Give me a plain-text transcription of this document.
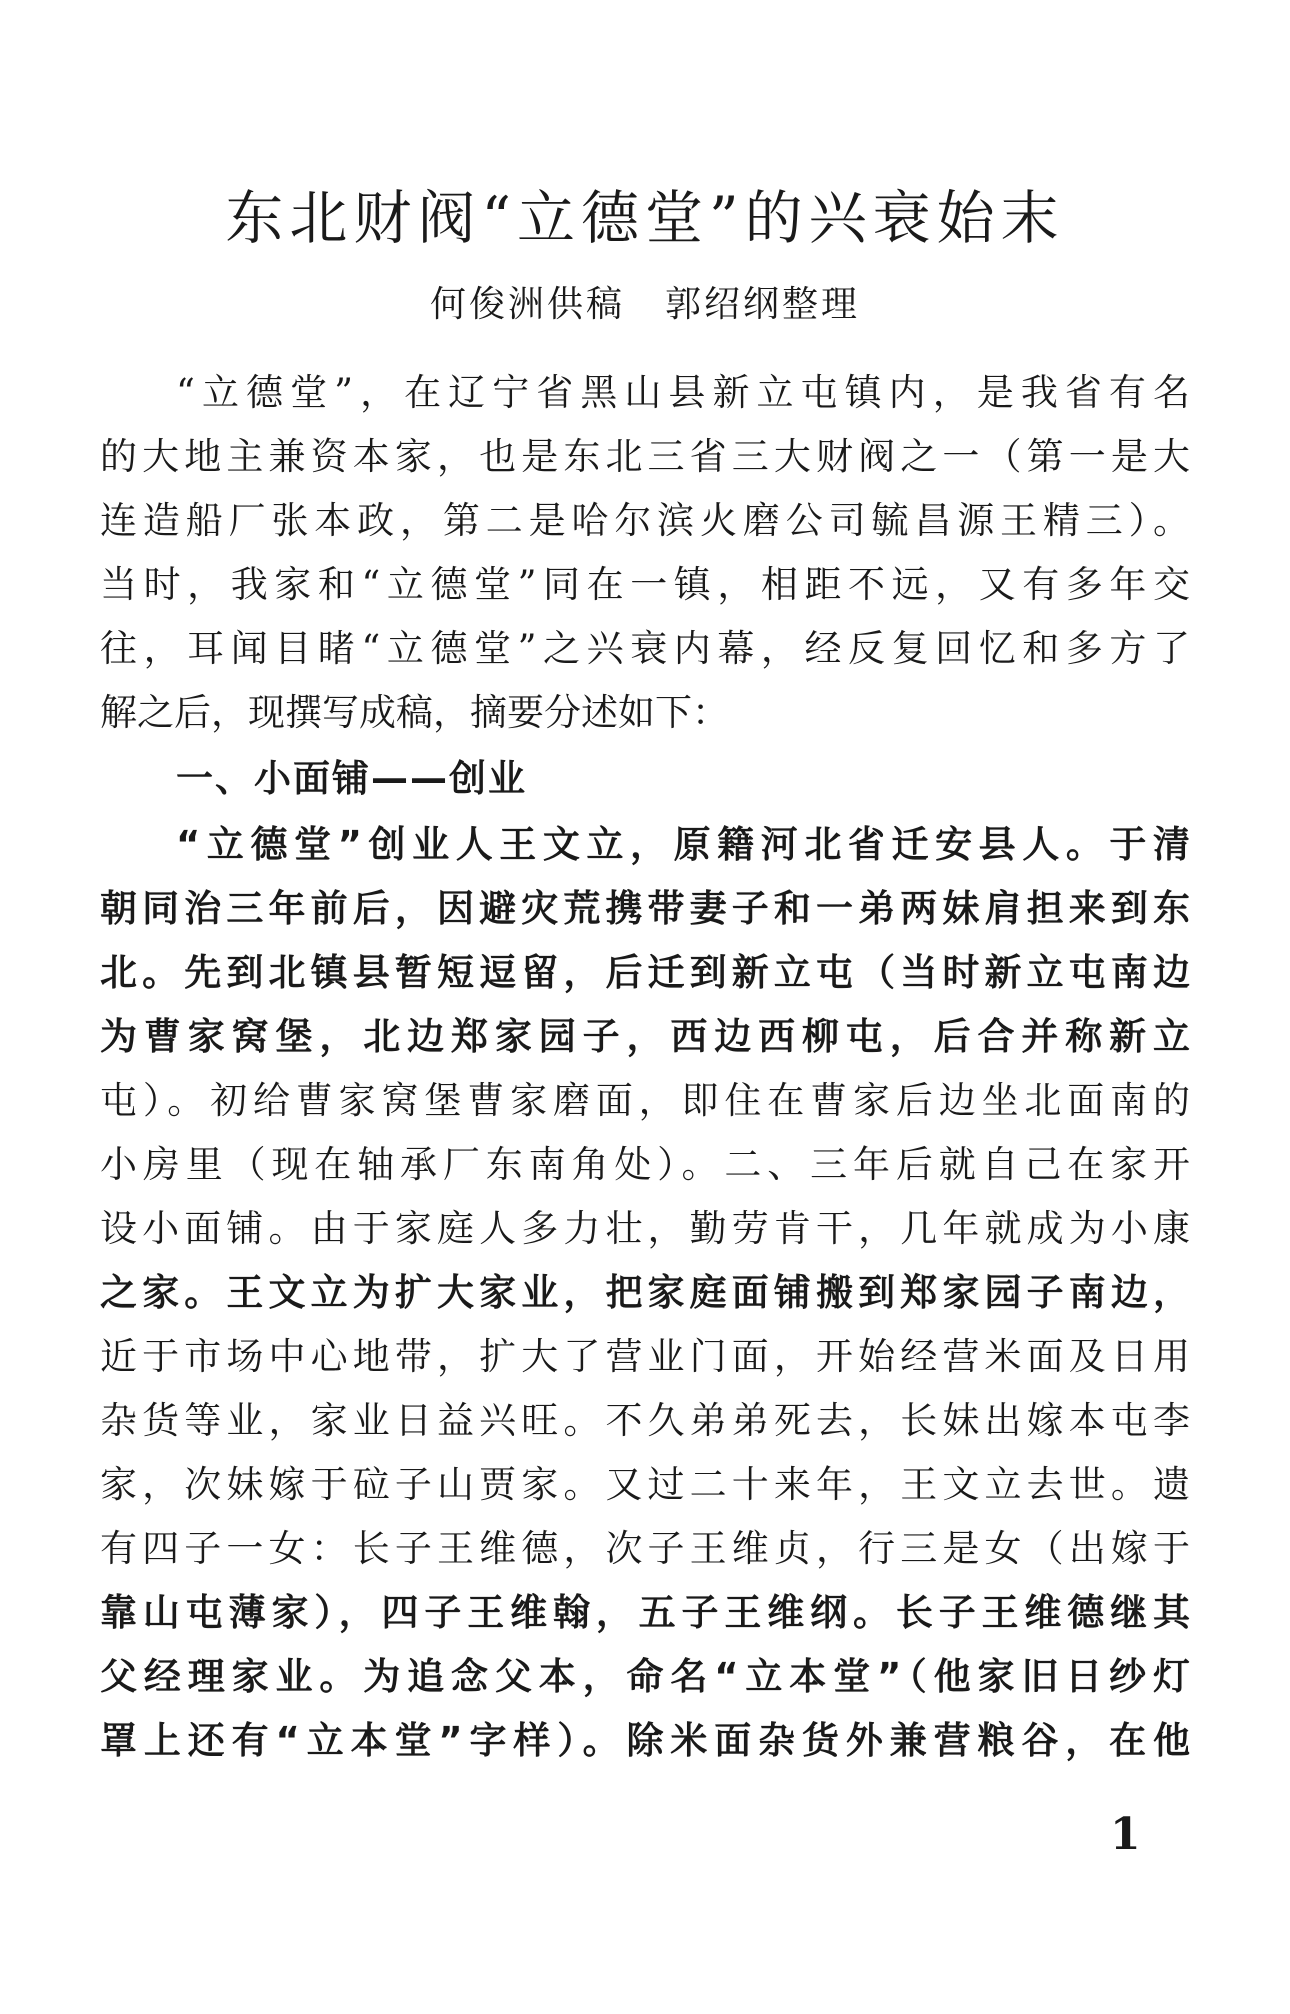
东北财阀“立德堂”的兴衰始末
何俊洲供稿 郭绍纲整理
“立德堂”，在辽宁省黑山县新立屯镇内，是我省有名
的大地主兼资本家，也是东北三省三大财阀之一（第一是大
连造船厂张本政，第二是哈尔滨火磨公司毓昌源王精三）。
当时，我家和“立德堂”同在一镇，相距不远，又有多年交
往，耳闻目睹“立德堂”之兴衰内幕，经反复回忆和多方了
解之后，现撰写成稿，摘要分述如下：
一、小面铺——创业
“立德堂”创业人王文立，原籍河北省迁安县人。于清
朝同治三年前后，因避灾荒携带妻子和一弟两妹肩担来到东
北。先到北镇县暂短逗留，后迁到新立屯（当时新立屯南边
为曹家窝堡，北边郑家园子，西边西柳屯，后合并称新立
屯）。初给曹家窝堡曹家磨面，即住在曹家后边坐北面南的
小房里（现在轴承厂东南角处）。二、三年后就自己在家开
设小面铺。由于家庭人多力壮，勤劳肯干，几年就成为小康
之家。王文立为扩大家业，把家庭面铺搬到郑家园子南边，
近于市场中心地带，扩大了营业门面，开始经营米面及日用
杂货等业，家业日益兴旺。不久弟弟死去，长妹出嫁本屯李
家，次妹嫁于砬子山贾家。又过二十来年，王文立去世。遗
有四子一女：长子王维德，次子王维贞，行三是女（出嫁于
靠山屯薄家），四子王维翰，五子王维纲。长子王维德继其
父经理家业。为追念父本，命名“立本堂”（他家旧日纱灯
罩上还有“立本堂”字样）。除米面杂货外兼营粮谷，在他
1
